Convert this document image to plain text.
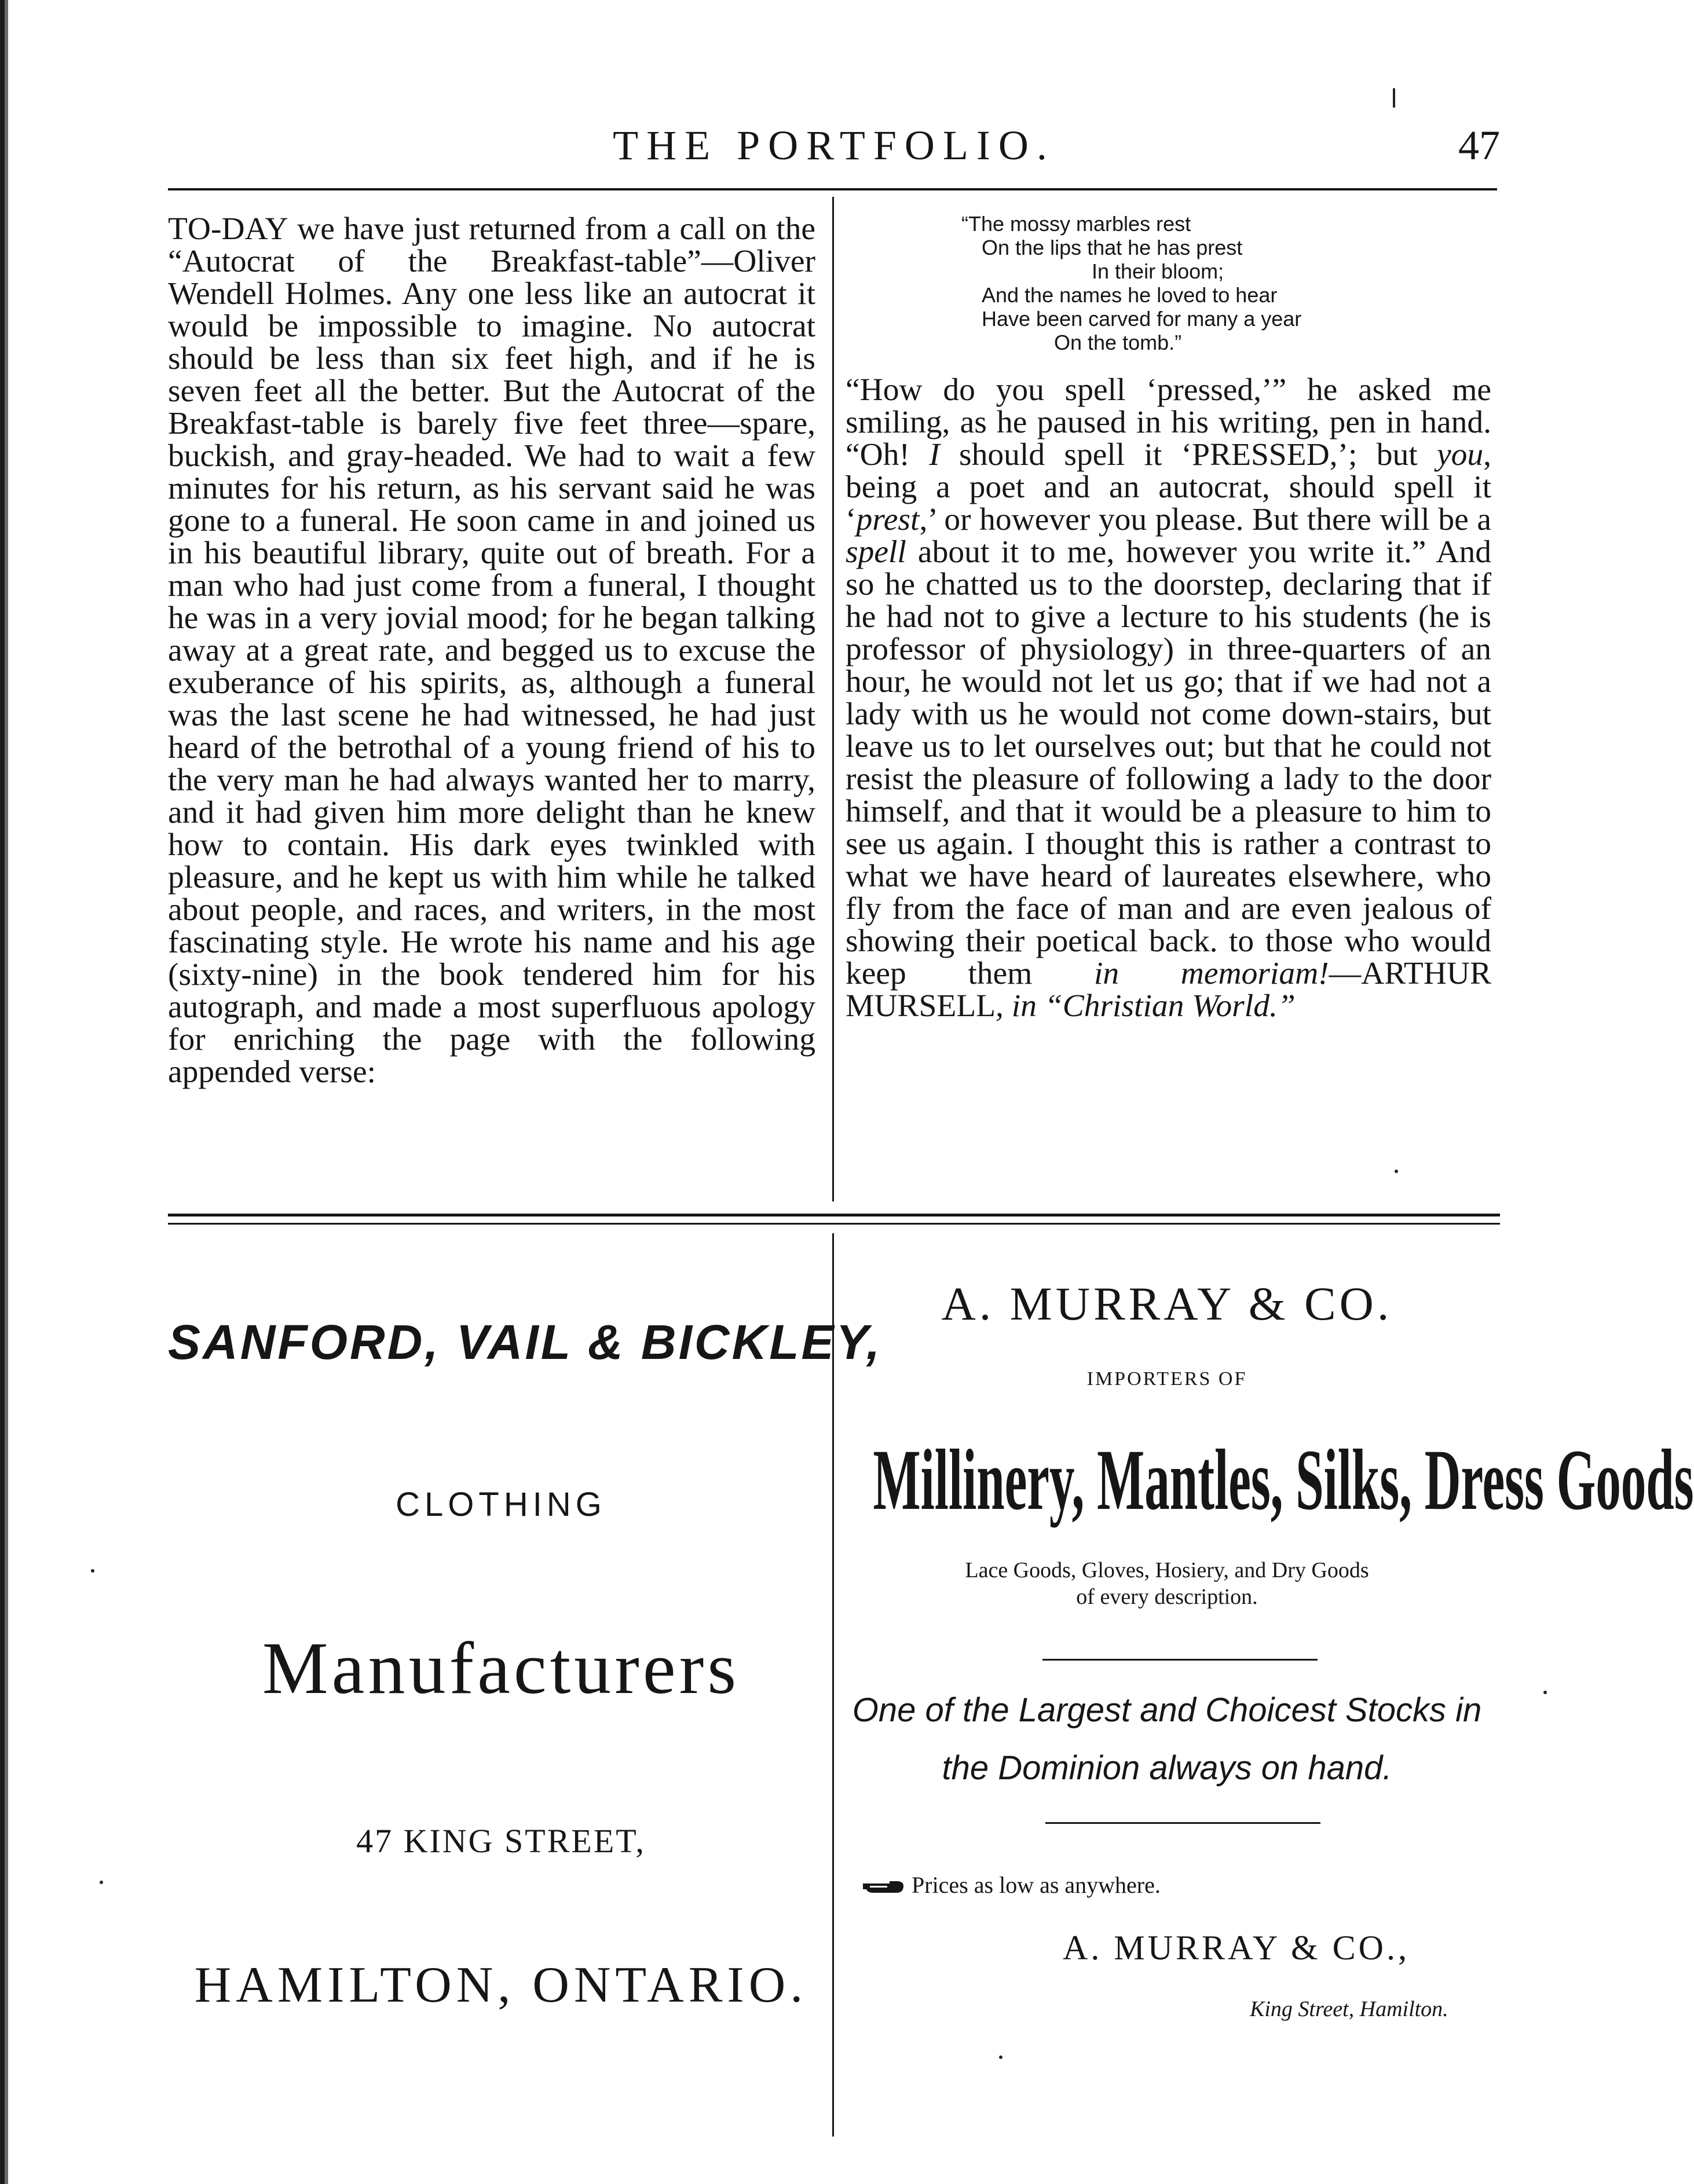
THE PORTFOLIO.	47

TO-DAY we have just returned from a call on the “Autocrat of the Breakfast-table”—Oliver Wendell Holmes. Any one less like an autocrat it would be impossible to imagine. No autocrat should be less than six feet high, and if he is seven feet all the better. But the Autocrat of the Breakfast-table is barely five feet three—spare, buckish, and gray-headed. We had to wait a few minutes for his return, as his servant said he was gone to a funeral. He soon came in and joined us in his beautiful library, quite out of breath. For a man who had just come from a funeral, I thought he was in a very jovial mood; for he began talking away at a great rate, and begged us to excuse the exuberance of his spirits, as, although a funeral was the last scene he had witnessed, he had just heard of the betrothal of a young friend of his to the very man he had always wanted her to marry, and it had given him more delight than he knew how to contain. His dark eyes twinkled with pleasure, and he kept us with him while he talked about people, and races, and writers, in the most fascinating style. He wrote his name and his age (sixty-nine) in the book tendered him for his autograph, and made a most superfluous apology for enriching the page with the following appended verse:

“The mossy marbles rest
On the lips that he has prest
In their bloom;
And the names he loved to hear
Have been carved for many a year
On the tomb.”

“How do you spell ‘pressed,’” he asked me smiling, as he paused in his writing, pen in hand. “Oh! I should spell it ‘PRESSED,’; but you, being a poet and an autocrat, should spell it ‘prest,’ or however you please. But there will be a spell about it to me, however you write it.” And so he chatted us to the doorstep, declaring that if he had not to give a lecture to his students (he is professor of physiology) in three-quarters of an hour, he would not let us go; that if we had not a lady with us he would not come down-stairs, but leave us to let ourselves out; but that he could not resist the pleasure of following a lady to the door himself, and that it would be a pleasure to him to see us again. I thought this is rather a contrast to what we have heard of laureates elsewhere, who fly from the face of man and are even jealous of showing their poetical back. to those who would keep them in memoriam!—ARTHUR MURSELL, in “Christian World.”

SANFORD, VAIL & BICKLEY,
CLOTHING
Manufacturers
47 KING STREET,
HAMILTON, ONTARIO.
A. MURRAY & CO.
IMPORTERS OF
Millinery, Mantles, Silks, Dress Goods
Lace Goods, Gloves, Hosiery, and Dry Goods
of every description.
One of the Largest and Choicest Stocks in
the Dominion always on hand.
Prices as low as anywhere.
A. MURRAY & CO.,
King Street, Hamilton.
